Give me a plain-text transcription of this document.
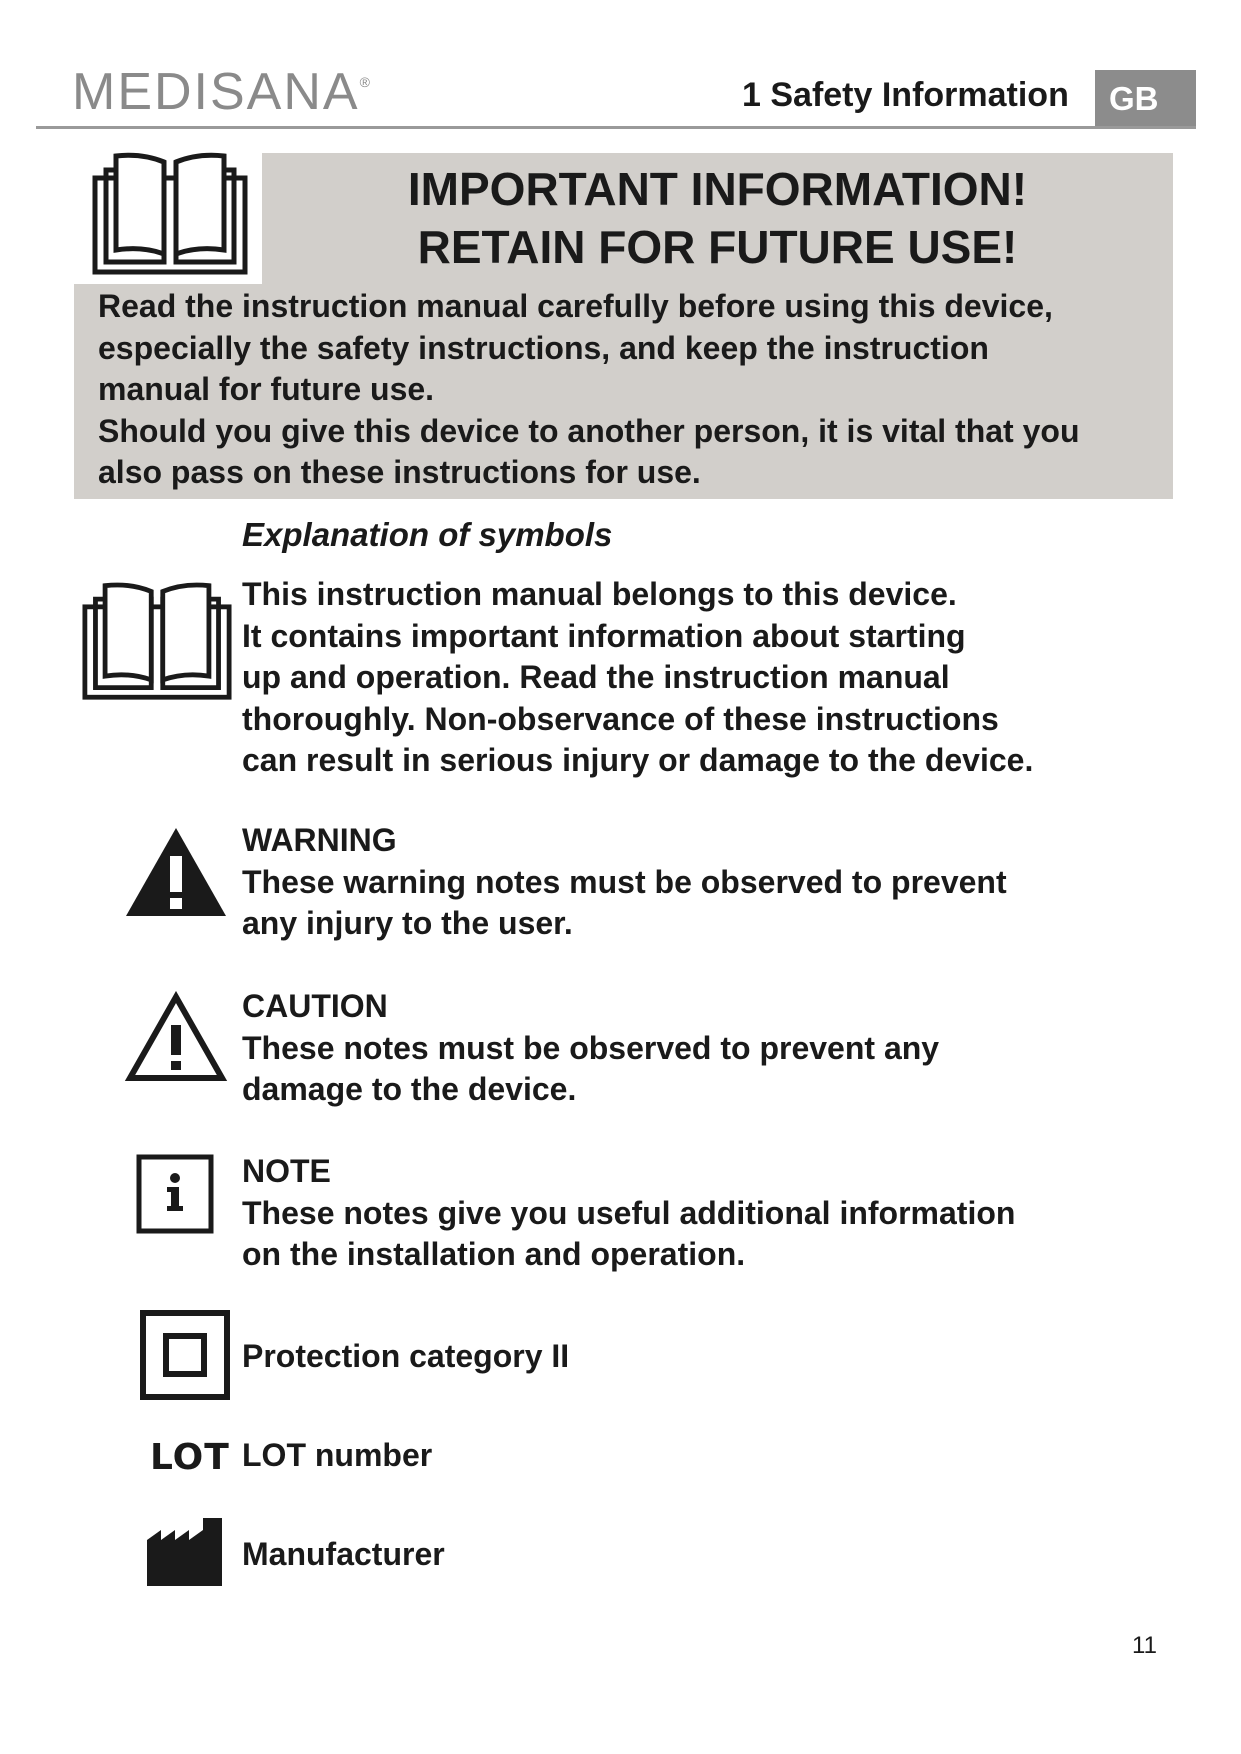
MEDISANA®	1 Safety Information	GB
IMPORTANT INFORMATION!
RETAIN FOR FUTURE USE!

Read the instruction manual carefully before using this device,

especially the safety instructions, and keep the instruction

manual for future use.

Should you give this device to another person, it is vital that you

also pass on these instructions for use.

Explanation of symbols
This instruction manual belongs to this device.
It contains important information about starting
up and operation. Read the instruction manual
thoroughly. Non-observance of these instructions
can result in serious injury or damage to the device.
WARNING
These warning notes must be observed to prevent
any injury to the user.
CAUTION
These notes must be observed to prevent any
damage to the device.
NOTE
These notes give you useful additional information
on the installation and operation.
Protection category II
LOT LOT number
Manufacturer
11
